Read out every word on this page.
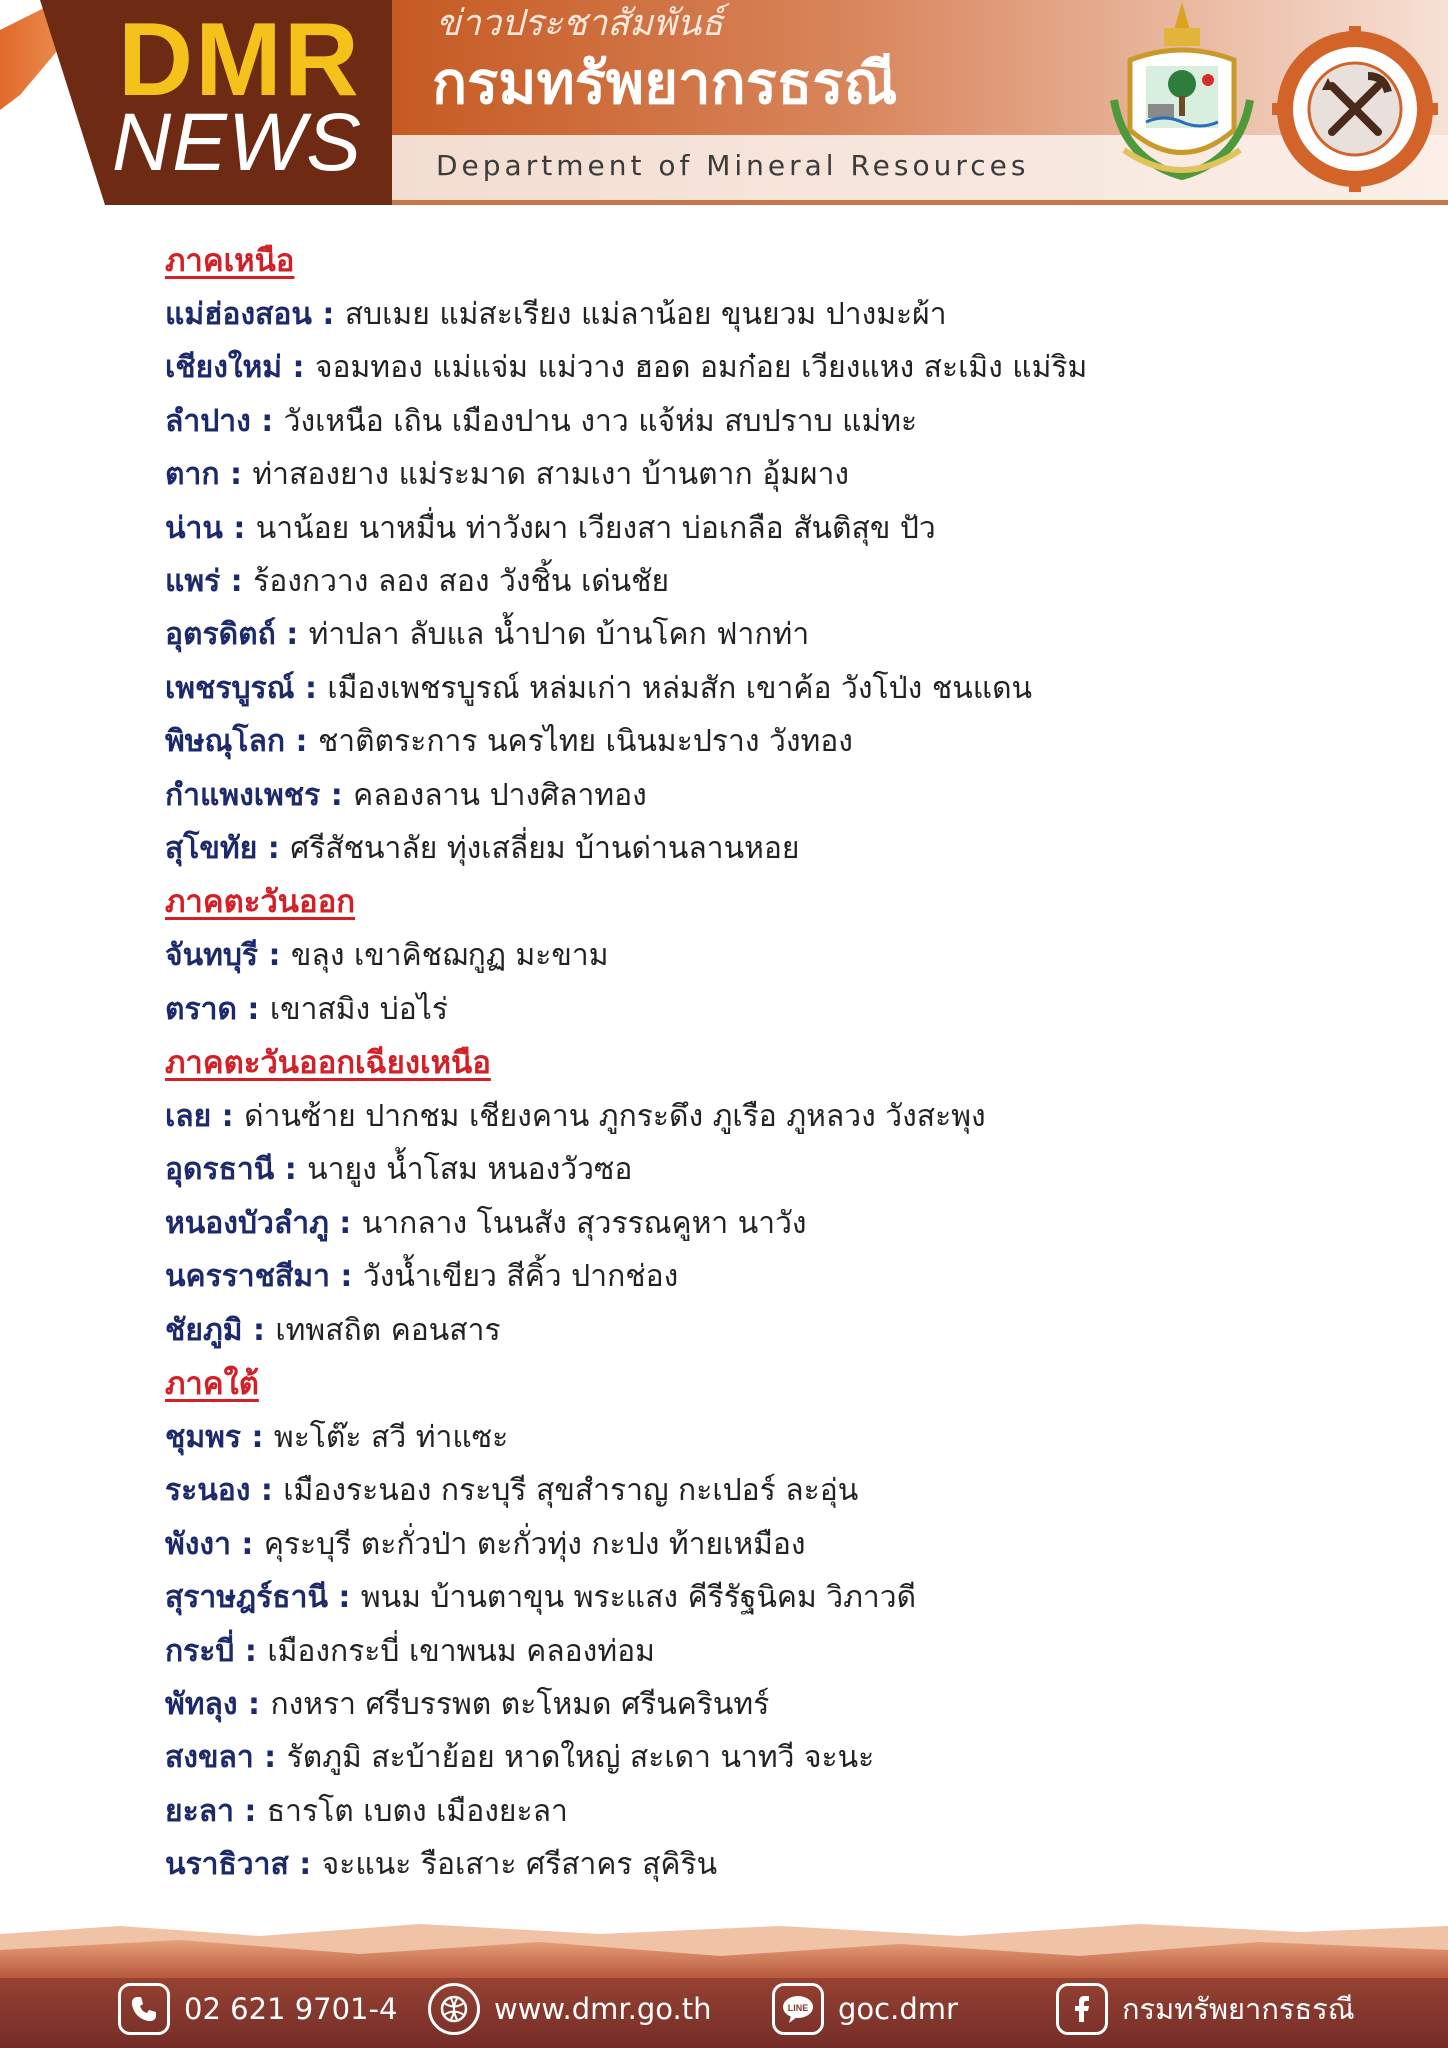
DMR
NEWS
ข่าวประชาสัมพันธ์
กรมทรัพยากรธรณี
Department of Mineral Resources
ภาคเหนือ
แม่ฮ่องสอน : สบเมย แม่สะเรียง แม่ลาน้อย ขุนยวม ปางมะผ้า
เชียงใหม่ : จอมทอง แม่แจ่ม แม่วาง ฮอด อมก๋อย เวียงแหง สะเมิง แม่ริม
ลำปาง : วังเหนือ เถิน เมืองปาน งาว แจ้ห่ม สบปราบ แม่ทะ
ตาก : ท่าสองยาง แม่ระมาด สามเงา บ้านตาก อุ้มผาง
น่าน : นาน้อย นาหมื่น ท่าวังผา เวียงสา บ่อเกลือ สันติสุข ปัว
แพร่ : ร้องกวาง ลอง สอง วังชิ้น เด่นชัย
อุตรดิตถ์ : ท่าปลา ลับแล น้ำปาด บ้านโคก ฟากท่า
เพชรบูรณ์ : เมืองเพชรบูรณ์ หล่มเก่า หล่มสัก เขาค้อ วังโป่ง ชนแดน
พิษณุโลก : ชาติตระการ นครไทย เนินมะปราง วังทอง
กำแพงเพชร : คลองลาน ปางศิลาทอง
สุโขทัย : ศรีสัชนาลัย ทุ่งเสลี่ยม บ้านด่านลานหอย
ภาคตะวันออก
จันทบุรี : ขลุง เขาคิชฌกูฏ มะขาม
ตราด : เขาสมิง บ่อไร่
ภาคตะวันออกเฉียงเหนือ
เลย : ด่านซ้าย ปากชม เชียงคาน ภูกระดึง ภูเรือ ภูหลวง วังสะพุง
อุดรธานี : นายูง น้ำโสม หนองวัวซอ
หนองบัวลำภู : นากลาง โนนสัง สุวรรณคูหา นาวัง
นครราชสีมา : วังน้ำเขียว สีคิ้ว ปากช่อง
ชัยภูมิ : เทพสถิต คอนสาร
ภาคใต้
ชุมพร : พะโต๊ะ สวี ท่าแซะ
ระนอง : เมืองระนอง กระบุรี สุขสำราญ กะเปอร์ ละอุ่น
พังงา : คุระบุรี ตะกั่วป่า ตะกั่วทุ่ง กะปง ท้ายเหมือง
สุราษฎร์ธานี : พนม บ้านตาขุน พระแสง คีรีรัฐนิคม วิภาวดี
กระบี่ : เมืองกระบี่ เขาพนม คลองท่อม
พัทลุง : กงหรา ศรีบรรพต ตะโหมด ศรีนครินทร์
สงขลา : รัตภูมิ สะบ้าย้อย หาดใหญ่ สะเดา นาทวี จะนะ
ยะลา : ธารโต เบตง เมืองยะลา
นราธิวาส : จะแนะ รือเสาะ ศรีสาคร สุคิริน
02 621 9701-4	www.dmr.go.th	LINE goc.dmr	กรมทรัพยากรธรณี
